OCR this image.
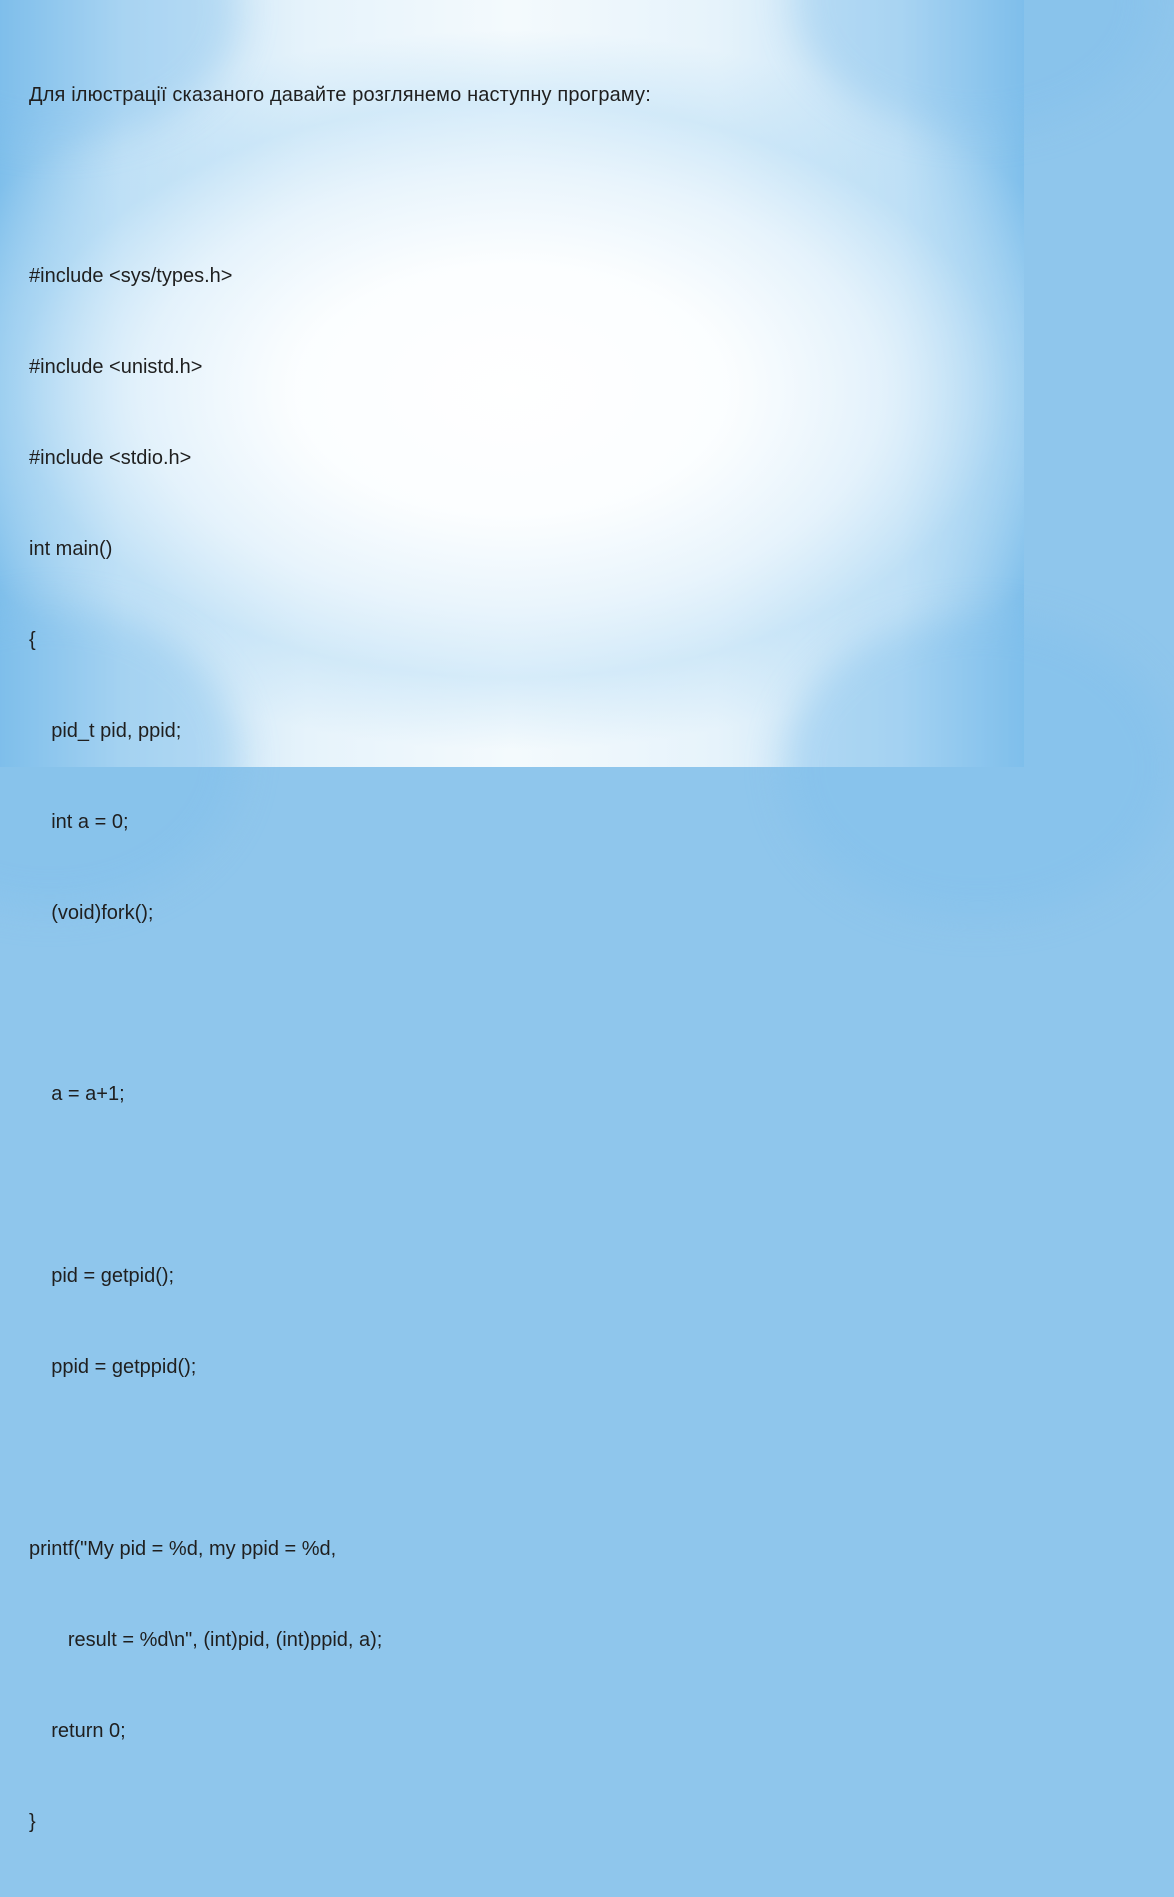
Для ілюстрації сказаного давайте розглянемо наступну програму:

#include <sys/types.h>

#include <unistd.h>

#include <stdio.h>

int main()

{

pid_t pid, ppid;

int a = 0;

(void)fork();

a = a+1;

pid = getpid();

ppid = getppid();

printf("My pid = %d, my ppid = %d,

result = %d\n", (int)pid, (int)ppid, a);

return 0;

}
